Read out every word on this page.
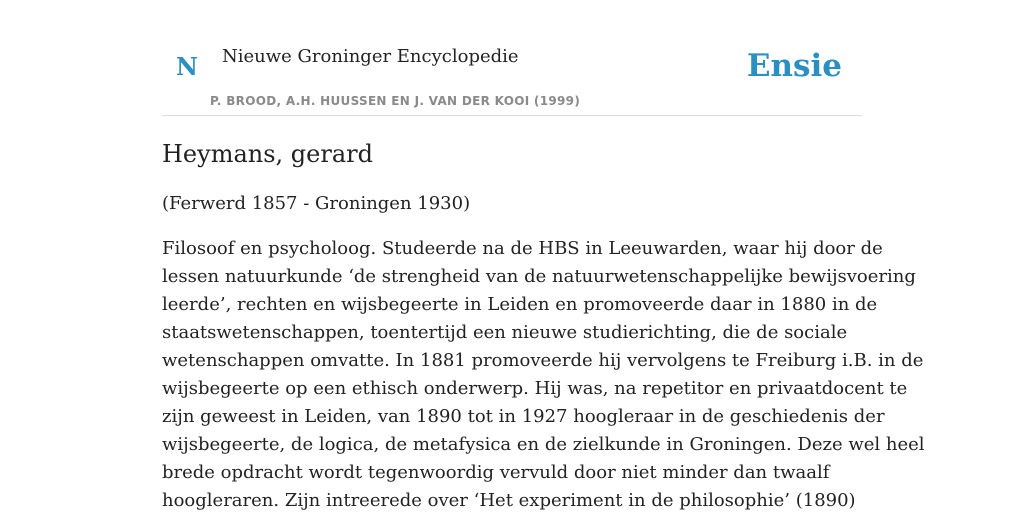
N Nieuwe Groninger Encyclopedie
P. BROOD, A.H. HUUSSEN EN J. VAN DER KOOI (1999)
Ensie
Heymans, gerard

(Ferwerd 1857 - Groningen 1930)

Filosoof en psycholoog. Studeerde na de HBS in Leeuwarden, waar hij door de
lessen natuurkunde ‘de strengheid van de natuurwetenschappelijke bewijsvoering
leerde’, rechten en wijsbegeerte in Leiden en promoveerde daar in 1880 in de
staatswetenschappen, toentertijd een nieuwe studierichting, die de sociale
wetenschappen omvatte. In 1881 promoveerde hij vervolgens te Freiburg i.B. in de
wijsbegeerte op een ethisch onderwerp. Hij was, na repetitor en privaatdocent te
zijn geweest in Leiden, van 1890 tot in 1927 hoogleraar in de geschiedenis der
wijsbegeerte, de logica, de metafysica en de zielkunde in Groningen. Deze wel heel
brede opdracht wordt tegenwoordig vervuld door niet minder dan twaalf
hoogleraren. Zijn intreerede over ‘Het experiment in de philosophie’ (1890)
